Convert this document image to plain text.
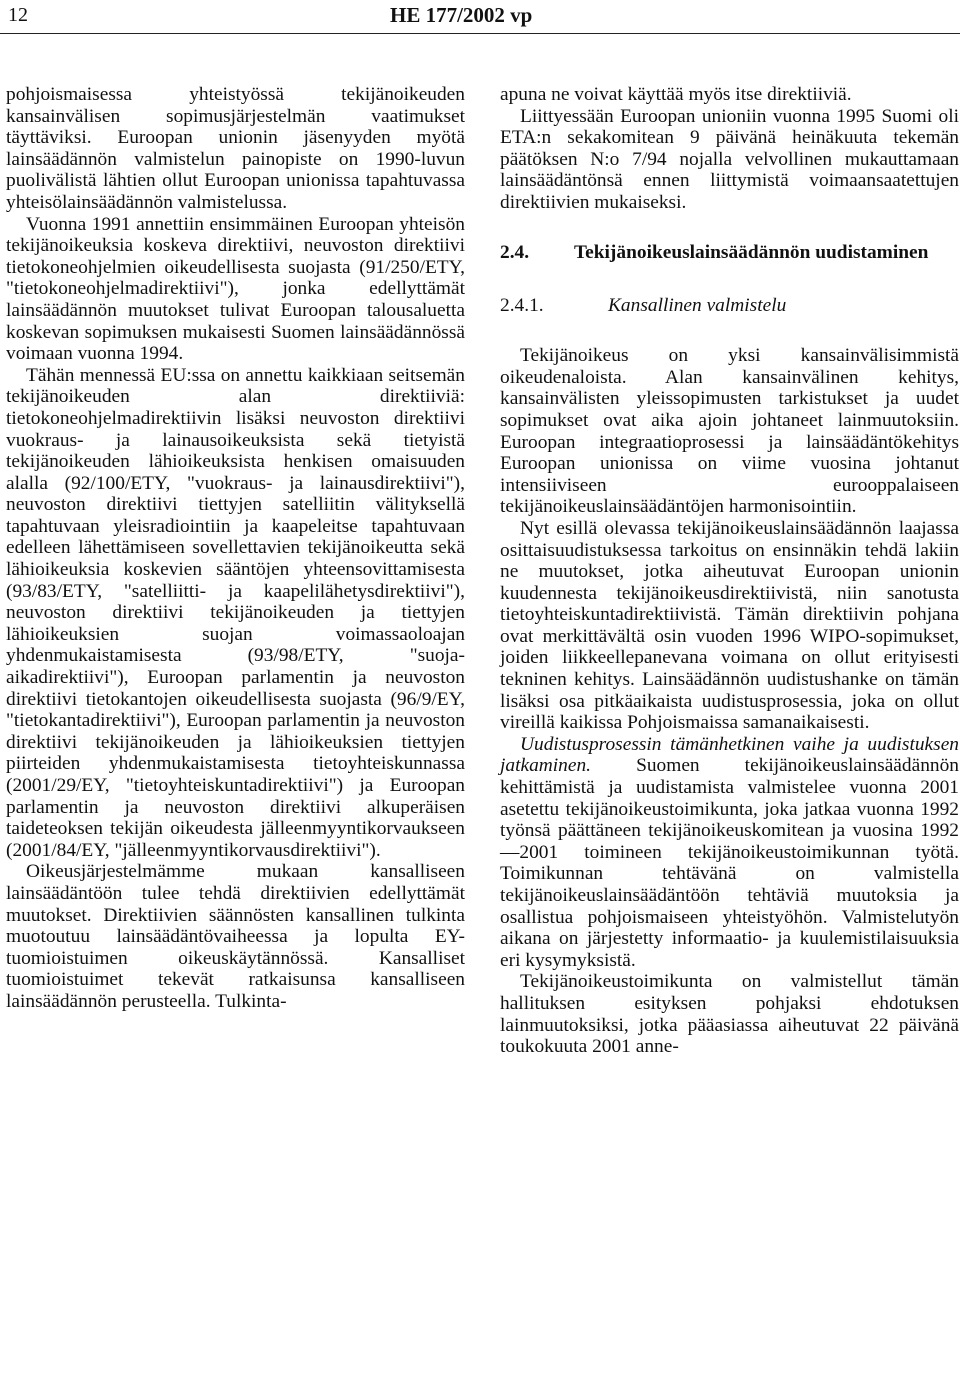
12	HE 177/2002 vp

pohjoismaisessa yhteistyössä tekijänoikeuden kansainvälisen sopimusjärjestelmän vaatimukset täyttäviksi. Euroopan unionin jäsenyyden myötä lainsäädännön valmistelun painopiste on 1990-luvun puolivälistä lähtien ollut Euroopan unionissa tapahtuvassa yhteisölainsäädännön valmistelussa.

Vuonna 1991 annettiin ensimmäinen Euroopan yhteisön tekijänoikeuksia koskeva direktiivi, neuvoston direktiivi tietokoneohjelmien oikeudellisesta suojasta (91/250/ETY, "tietokoneohjelmadirektiivi"), jonka edellyttämät lainsäädännön muutokset tulivat Euroopan talousaluetta koskevan sopimuksen mukaisesti Suomen lainsäädännössä voimaan vuonna 1994.

Tähän mennessä EU:ssa on annettu kaikkiaan seitsemän tekijänoikeuden alan direktiiviä: tietokoneohjelmadirektiivin lisäksi neuvoston direktiivi vuokraus- ja lainausoikeuksista sekä tietyistä tekijänoikeuden lähioikeuksista henkisen omaisuuden alalla (92/100/ETY, "vuokraus- ja lainausdirektiivi"), neuvoston direktiivi tiettyjen satelliitin välityksellä tapahtuvaan yleisradiointiin ja kaapeleitse tapahtuvaan edelleen lähettämiseen sovellettavien tekijänoikeutta sekä lähioikeuksia koskevien sääntöjen yhteensovittamisesta (93/83/ETY, "satelliitti- ja kaapelilähetysdirektiivi"), neuvoston direktiivi tekijänoikeuden ja tiettyjen lähioikeuksien suojan voimassaoloajan yhdenmukaistamisesta (93/98/ETY, "suoja-aikadirektiivi"), Euroopan parlamentin ja neuvoston direktiivi tietokantojen oikeudellisesta suojasta (96/9/EY, "tietokantadirektiivi"), Euroopan parlamentin ja neuvoston direktiivi tekijänoikeuden ja lähioikeuksien tiettyjen piirteiden yhdenmukaistamisesta tietoyhteiskunnassa (2001/29/EY, "tietoyhteiskuntadirektiivi") ja Euroopan parlamentin ja neuvoston direktiivi alkuperäisen taideteoksen tekijän oikeudesta jälleenmyyntikorvaukseen (2001/84/EY, "jälleenmyyntikorvausdirektiivi").

Oikeusjärjestelmämme mukaan kansalliseen lainsäädäntöön tulee tehdä direktiivien edellyttämät muutokset. Direktiivien säännösten kansallinen tulkinta muotoutuu lainsäädäntövaiheessa ja lopulta EY-tuomioistuimen oikeuskäytännössä. Kansalliset tuomioistuimet tekevät ratkaisunsa kansalliseen lainsäädännön perusteella. Tulkinta-

apuna ne voivat käyttää myös itse direktiiviä.

Liittyessään Euroopan unioniin vuonna 1995 Suomi oli ETA:n sekakomitean 9 päivänä heinäkuuta tekemän päätöksen N:o 7/94 nojalla velvollinen mukauttamaan lainsäädäntönsä ennen liittymistä voimaansaatettujen direktiivien mukaiseksi.

2.4.	Tekijänoikeuslainsäädännön uudistaminen
2.4.1.	Kansallinen valmistelu

Tekijänoikeus on yksi kansainvälisimmistä oikeudenaloista. Alan kansainvälinen kehitys, kansainvälisten yleissopimusten tarkistukset ja uudet sopimukset ovat aika ajoin johtaneet lainmuutoksiin. Euroopan integraatioprosessi ja lainsäädäntökehitys Euroopan unionissa on viime vuosina johtanut intensiiviseen eurooppalaiseen tekijänoikeuslainsäädäntöjen harmonisointiin.

Nyt esillä olevassa tekijänoikeuslainsäädännön laajassa osittaisuudistuksessa tarkoitus on ensinnäkin tehdä lakiin ne muutokset, jotka aiheutuvat Euroopan unionin kuudennesta tekijänoikeusdirektiivistä, niin sanotusta tietoyhteiskuntadirektiivistä. Tämän direktiivin pohjana ovat merkittävältä osin vuoden 1996 WIPO-sopimukset, joiden liikkeellepanevana voimana on ollut erityisesti tekninen kehitys. Lainsäädännön uudistushanke on tämän lisäksi osa pitkäaikaista uudistusprosessia, joka on ollut vireillä kaikissa Pohjoismaissa samanaikaisesti.

Uudistusprosessin tämänhetkinen vaihe ja uudistuksen jatkaminen. Suomen tekijänoikeuslainsäädännön kehittämistä ja uudistamista valmistelee vuonna 2001 asetettu tekijänoikeustoimikunta, joka jatkaa vuonna 1992 työnsä päättäneen tekijänoikeuskomitean ja vuosina 1992—2001 toimineen tekijänoikeustoimikunnan työtä. Toimikunnan tehtävänä on valmistella tekijänoikeuslainsäädäntöön tehtäviä muutoksia ja osallistua pohjoismaiseen yhteistyöhön. Valmistelutyön aikana on järjestetty informaatio- ja kuulemistilaisuuksia eri kysymyksistä.

Tekijänoikeustoimikunta on valmistellut tämän hallituksen esityksen pohjaksi ehdotuksen lainmuutoksiksi, jotka pääasiassa aiheutuvat 22 päivänä toukokuuta 2001 anne-
